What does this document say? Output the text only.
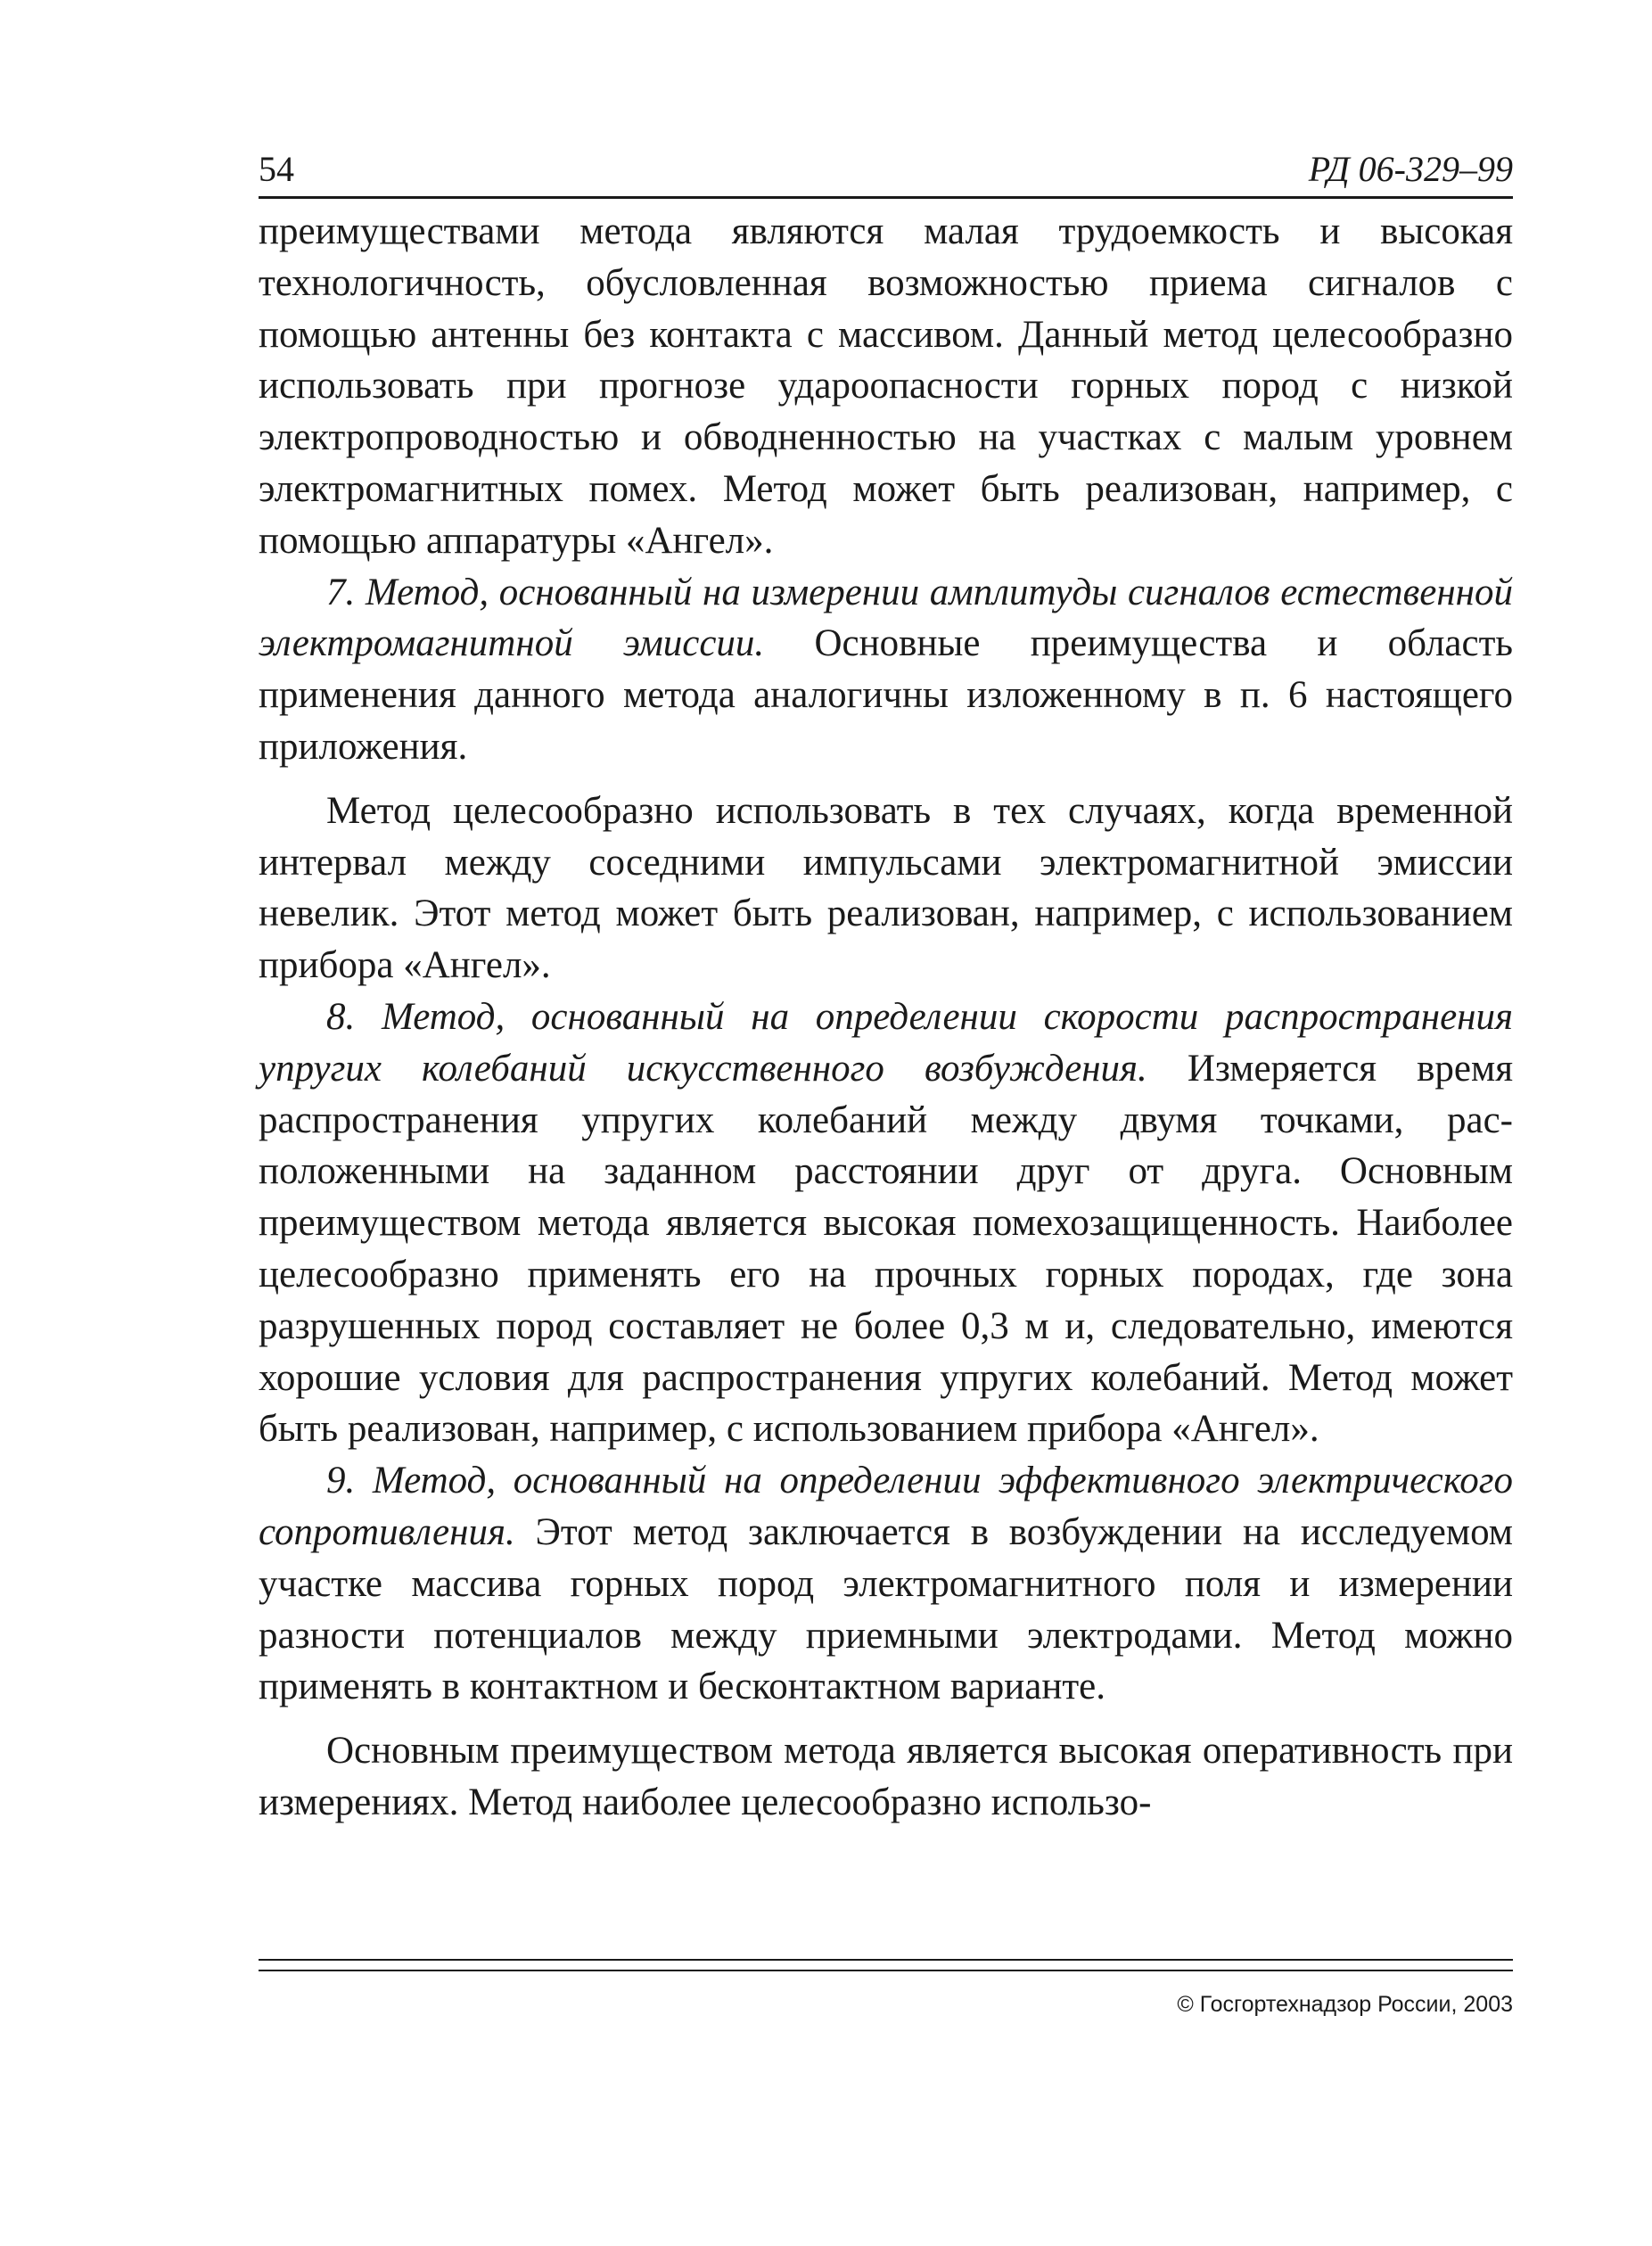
54	РД 06-329–99

преимуществами метода являются малая трудоемкость и высокая технологичность, обусловленная возможностью приема сигналов с помощью антенны без контакта с массивом. Данный метод целесообразно использовать при прогнозе удароопасности горных пород с низкой электропроводностью и обводненностью на участках с малым уровнем электромагнитных помех. Метод может быть реализован, например, с помощью аппаратуры «Ангел».

7. Метод, основанный на измерении амплитуды сигналов естественной электромагнитной эмиссии. Основные преимущества и область применения данного метода аналогичны изложенному в п. 6 настоящего приложения.

Метод целесообразно использовать в тех случаях, когда временной интервал между соседними импульсами электромагнитной эмиссии невелик. Этот метод может быть реализован, например, с использованием прибора «Ангел».

8. Метод, основанный на определении скорости распространения упругих колебаний искусственного возбуждения. Измеряется время распространения упругих колебаний между двумя точками, расположенными на заданном расстоянии друг от друга. Основным преимуществом метода является высокая помехозащищенность. Наиболее целесообразно применять его на прочных горных породах, где зона разрушенных пород составляет не более 0,3 м и, следовательно, имеются хорошие условия для распространения упругих колебаний. Метод может быть реализован, например, с использованием прибора «Ангел».

9. Метод, основанный на определении эффективного электрического сопротивления. Этот метод заключается в возбуждении на исследуемом участке массива горных пород электромагнитного поля и измерении разности потенциалов между приемными электродами. Метод можно применять в контактном и бесконтактном варианте.

Основным преимуществом метода является высокая оперативность при измерениях. Метод наиболее целесообразно использо-

© Госгортехнадзор России, 2003
